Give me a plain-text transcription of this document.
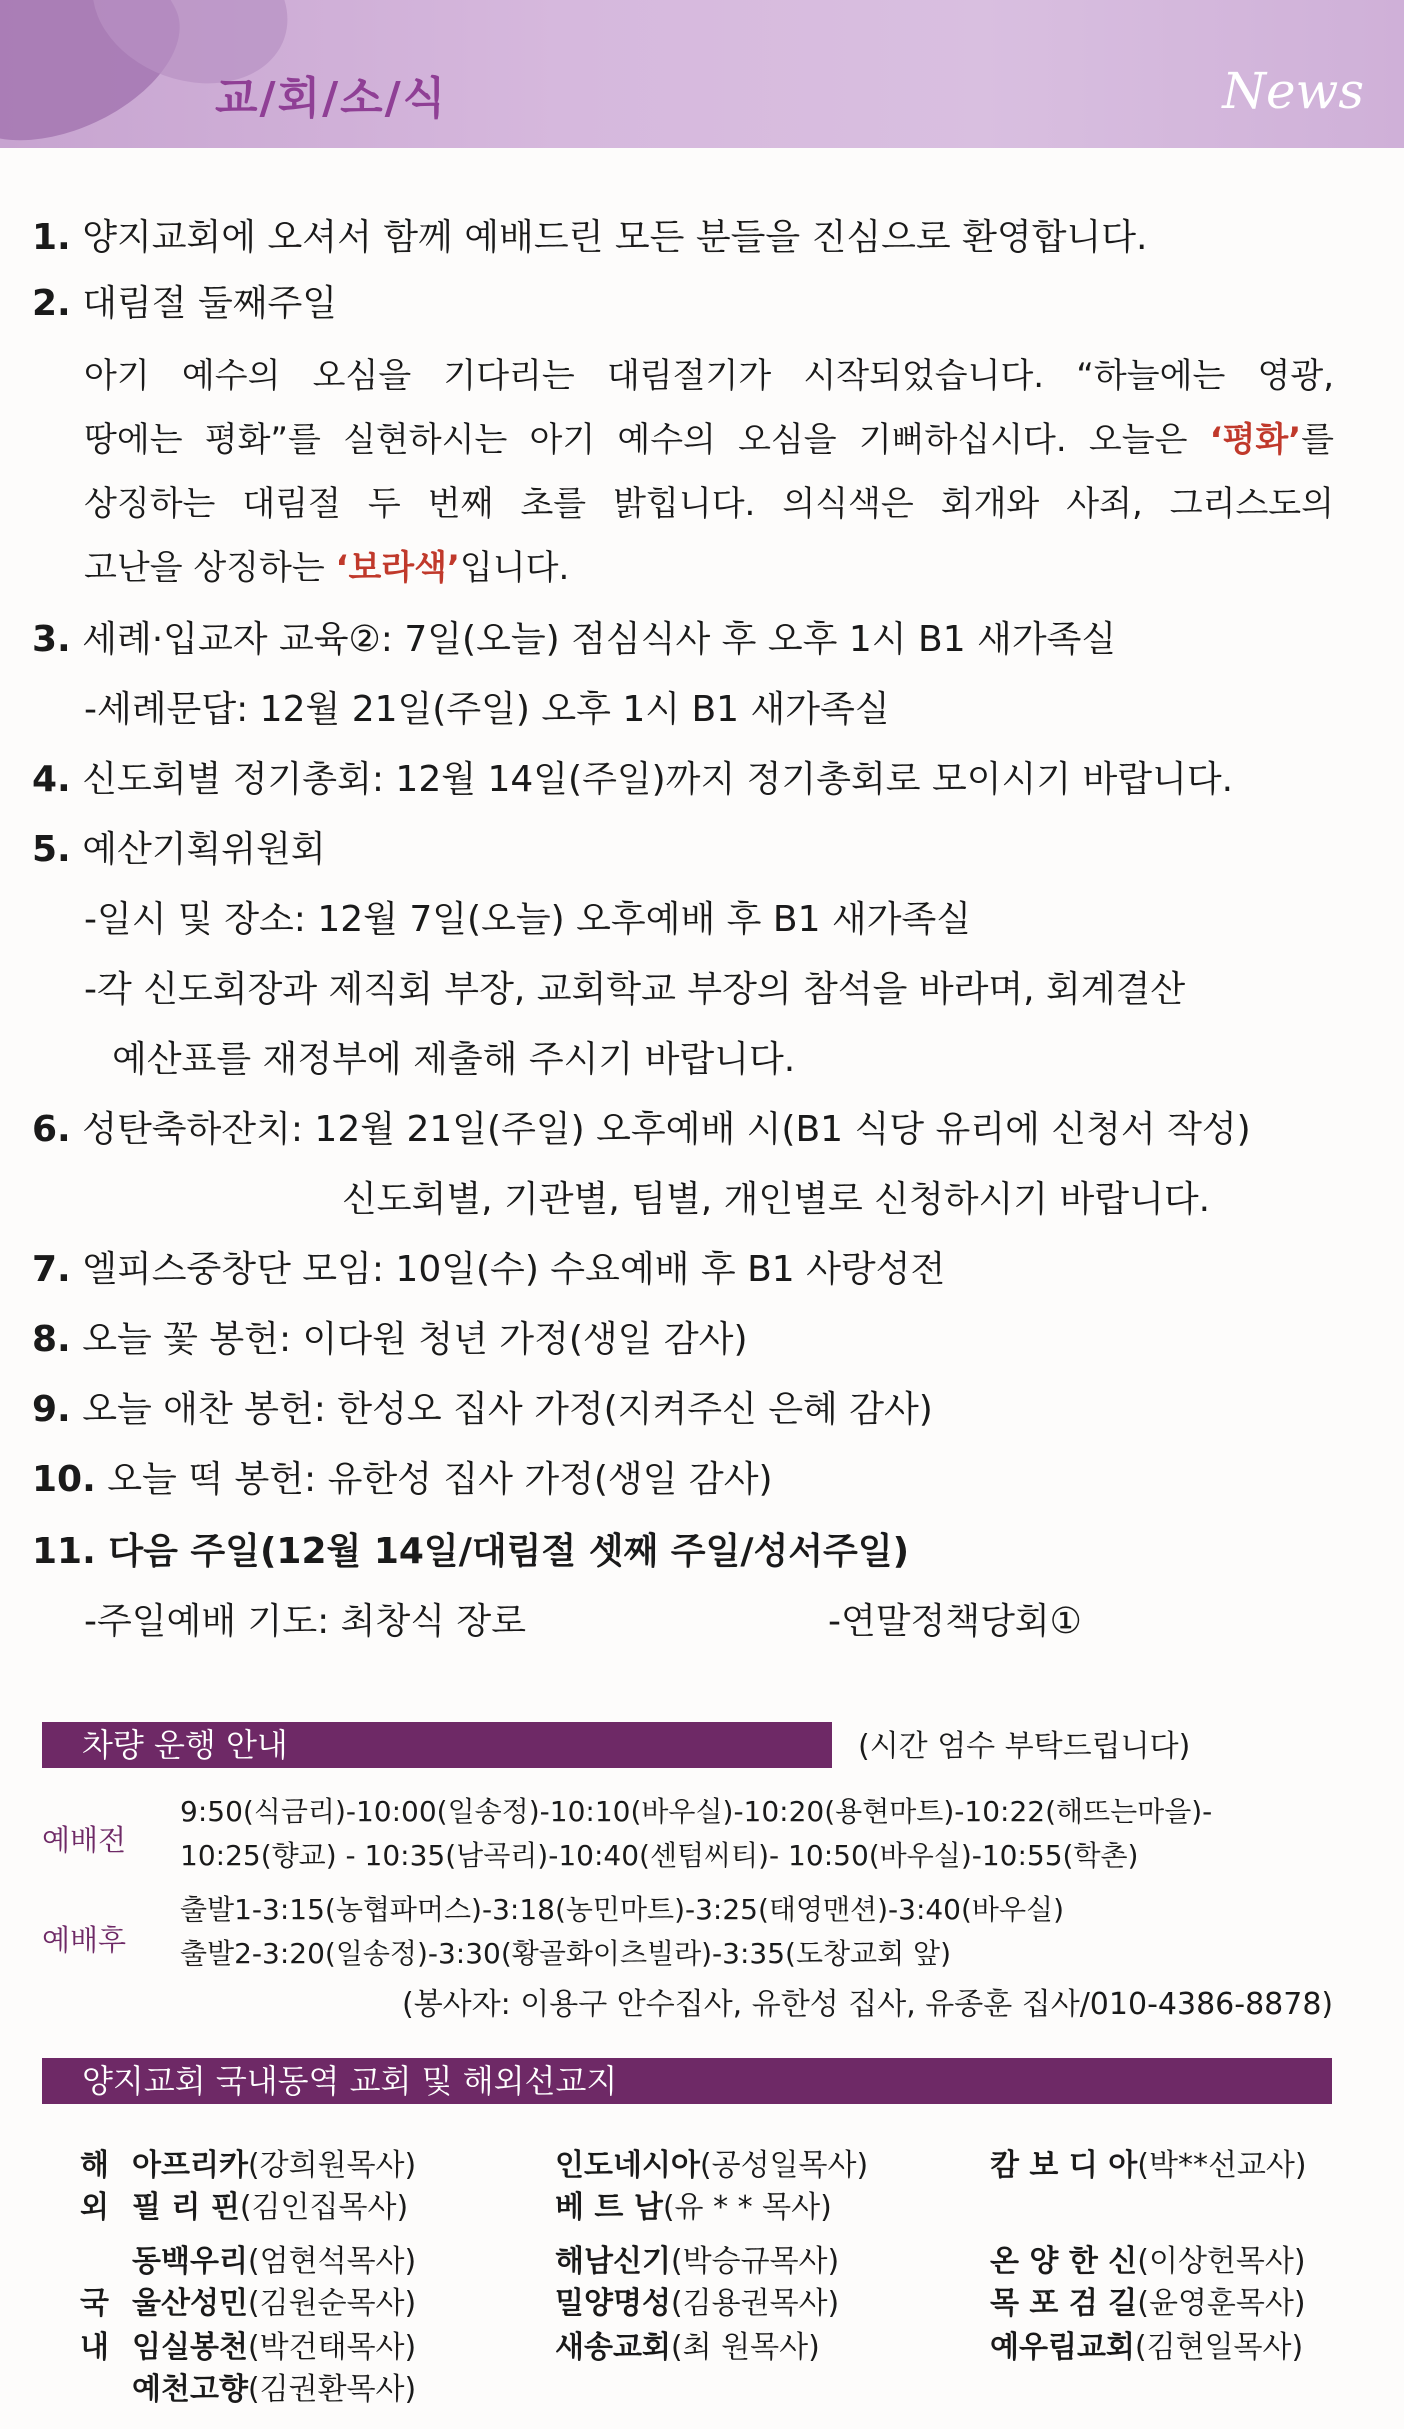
교/회/소/식	News
1. 양지교회에 오셔서 함께 예배드린 모든 분들을 진심으로 환영합니다.
2. 대림절 둘째주일
아기 예수의 오심을 기다리는 대림절기가 시작되었습니다. “하늘에는 영광,
땅에는 평화”를 실현하시는 아기 예수의 오심을 기뻐하십시다. 오늘은 ‘평화’를
상징하는 대림절 두 번째 초를 밝힙니다. 의식색은 회개와 사죄, 그리스도의
고난을 상징하는 ‘보라색’입니다.
3. 세례·입교자 교육②: 7일(오늘) 점심식사 후 오후 1시 B1 새가족실
-세례문답: 12월 21일(주일) 오후 1시 B1 새가족실
4. 신도회별 정기총회: 12월 14일(주일)까지 정기총회로 모이시기 바랍니다.
5. 예산기획위원회
-일시 및 장소: 12월 7일(오늘) 오후예배 후 B1 새가족실
-각 신도회장과 제직회 부장, 교회학교 부장의 참석을 바라며, 회계결산
예산표를 재정부에 제출해 주시기 바랍니다.
6. 성탄축하잔치: 12월 21일(주일) 오후예배 시(B1 식당 유리에 신청서 작성)
신도회별, 기관별, 팀별, 개인별로 신청하시기 바랍니다.
7. 엘피스중창단 모임: 10일(수) 수요예배 후 B1 사랑성전
8. 오늘 꽃 봉헌: 이다원 청년 가정(생일 감사)
9. 오늘 애찬 봉헌: 한성오 집사 가정(지켜주신 은혜 감사)
10. 오늘 떡 봉헌: 유한성 집사 가정(생일 감사)
11. 다음 주일(12월 14일/대림절 셋째 주일/성서주일)
-주일예배 기도: 최창식 장로	-연말정책당회①
차량 운행 안내	(시간 엄수 부탁드립니다)
예배전
9:50(식금리)-10:00(일송정)-10:10(바우실)-10:20(용현마트)-10:22(해뜨는마을)-
10:25(향교) - 10:35(남곡리)-10:40(센텀씨티)- 10:50(바우실)-10:55(학촌)
예배후
출발1-3:15(농협파머스)-3:18(농민마트)-3:25(태영맨션)-3:40(바우실)
출발2-3:20(일송정)-3:30(황골화이츠빌라)-3:35(도창교회 앞)
(봉사자: 이용구 안수집사, 유한성 집사, 유종훈 집사/010-4386-8878)
양지교회 국내동역 교회 및 해외선교지
해
외
국
내
아프리카(강희원목사)	인도네시아(공성일목사)	캄 보 디 아(박**선교사)
필 리 핀(김인집목사)	베 트 남(유 * * 목사)
동백우리(엄현석목사)	해남신기(박승규목사)	온 양 한 신(이상헌목사)
울산성민(김원순목사)	밀양명성(김용권목사)	목 포 검 길(윤영훈목사)
임실봉천(박건태목사)	새송교회(최 원목사)	예우림교회(김현일목사)
예천고향(김권환목사)
